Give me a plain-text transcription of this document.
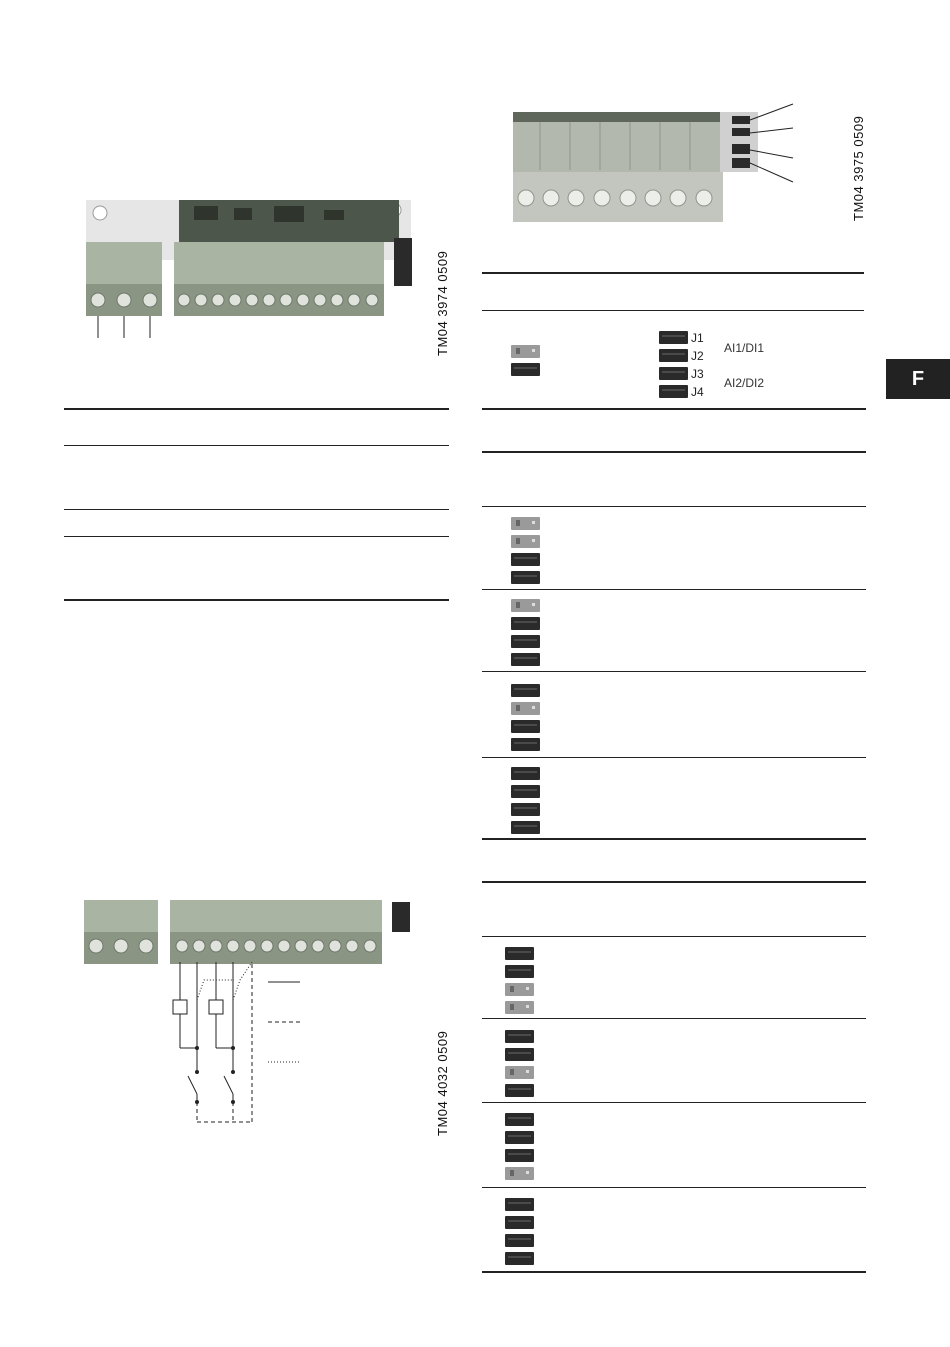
F
TM04 3974 0509
TM04 4032 0509
TM04 3975 0509
J1
J2
J3
J4
AI1/DI1
AI2/DI2
